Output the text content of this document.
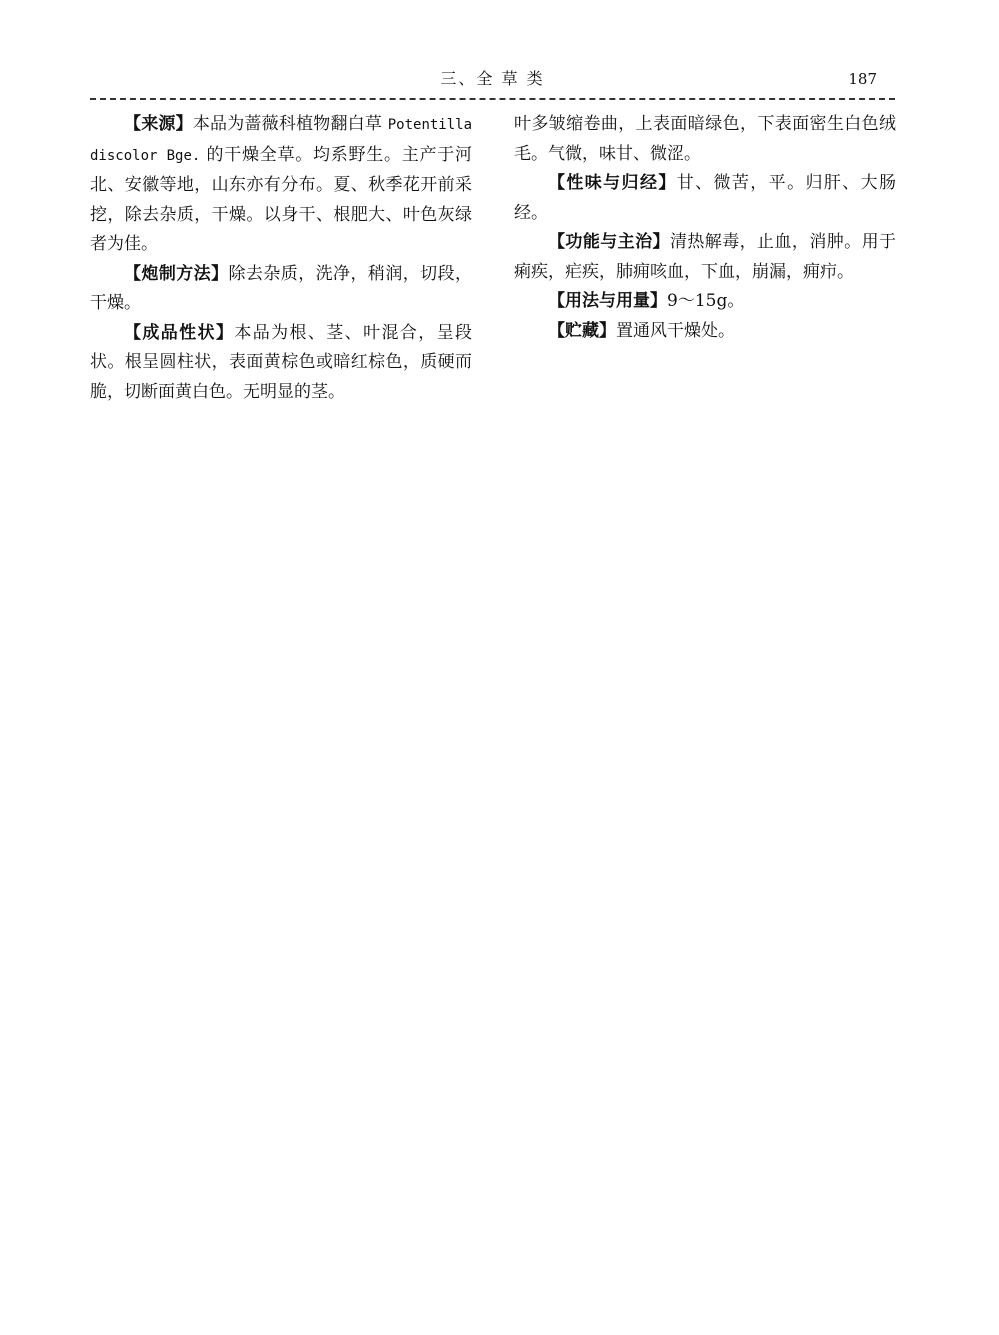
三、全 草 类	187

【来源】本品为蔷薇科植物翻白草 Potentilla discolor Bge. 的干燥全草。均系野生。主产于河北、安徽等地，山东亦有分布。夏、秋季花开前采挖，除去杂质，干燥。以身干、根肥大、叶色灰绿者为佳。

【炮制方法】除去杂质，洗净，稍润，切段，干燥。

【成品性状】本品为根、茎、叶混合，呈段状。根呈圆柱状，表面黄棕色或暗红棕色，质硬而脆，切断面黄白色。无明显的茎。

叶多皱缩卷曲，上表面暗绿色，下表面密生白色绒毛。气微，味甘、微涩。

【性味与归经】甘、微苦，平。归肝、大肠经。

【功能与主治】清热解毒，止血，消肿。用于痢疾，疟疾，肺痈咳血，下血，崩漏，痈疖。

【用法与用量】9～15g。

【贮藏】置通风干燥处。
